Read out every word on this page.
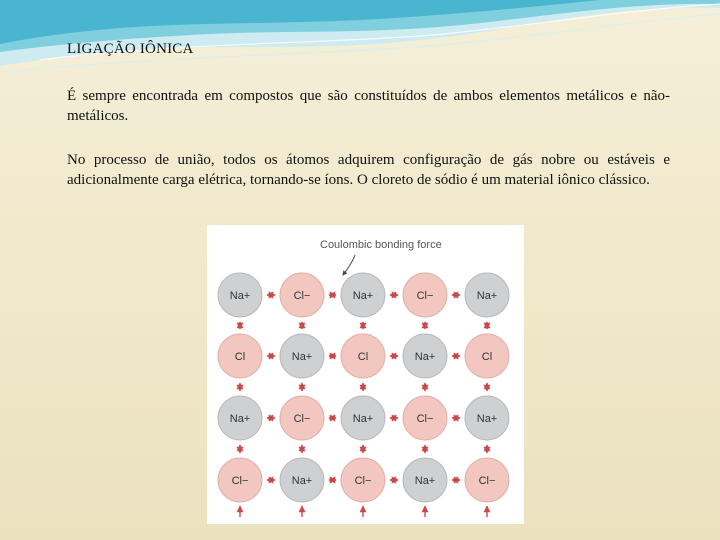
LIGAÇÃO IÔNICA

É sempre encontrada em compostos que são constituídos de ambos elementos metálicos e não-metálicos.

No processo de união, todos os átomos adquirem configuração de gás nobre ou estáveis e adicionalmente carga elétrica, tornando-se íons. O cloreto de sódio é um material iônico clássico.

Na+	Cl−	Na+	Cl−	Na+
Cl	Na+	Cl	Na+	Cl
Na+	Cl−	Na+	Cl−	Na+
Cl−	Na+	Cl−	Na+	Cl−
Coulombic bonding force
